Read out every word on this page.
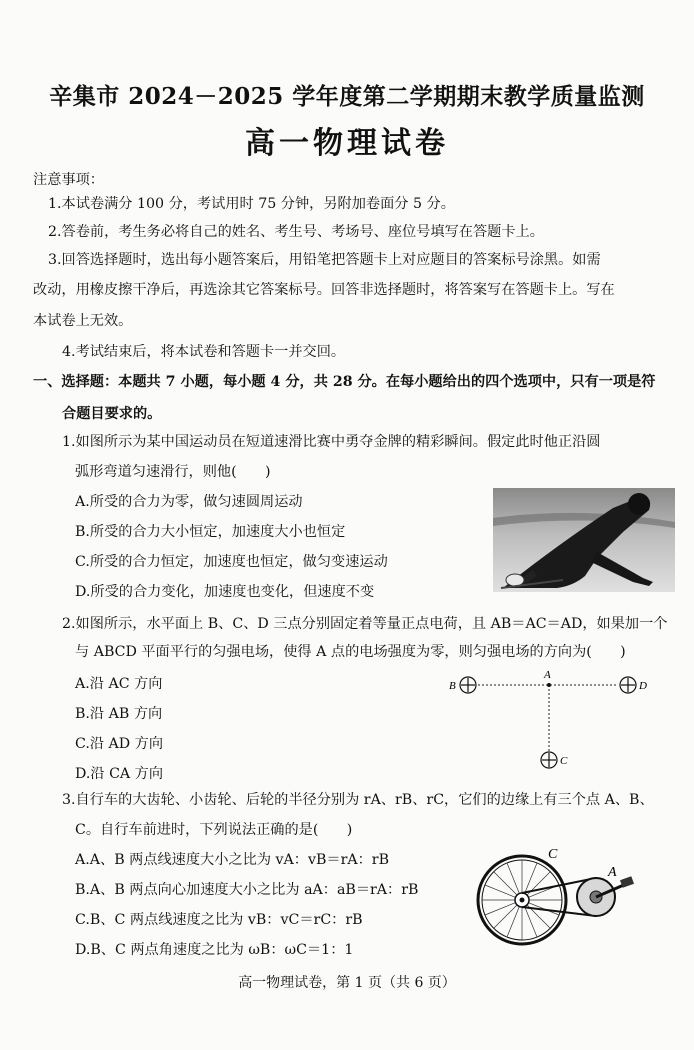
辛集市 2024－2025 学年度第二学期期末教学质量监测
高一物理试卷
注意事项：
1.本试卷满分 100 分，考试用时 75 分钟，另附加卷面分 5 分。
2.答卷前，考生务必将自己的姓名、考生号、考场号、座位号填写在答题卡上。
3.回答选择题时，选出每小题答案后，用铅笔把答题卡上对应题目的答案标号涂黑。如需
改动，用橡皮擦干净后，再选涂其它答案标号。回答非选择题时，将答案写在答题卡上。写在
本试卷上无效。
4.考试结束后，将本试卷和答题卡一并交回。
一、选择题：本题共 7 小题，每小题 4 分，共 28 分。在每小题给出的四个选项中，只有一项是符
合题目要求的。
1.如图所示为某中国运动员在短道速滑比赛中勇夺金牌的精彩瞬间。假定此时他正沿圆
弧形弯道匀速滑行，则他(　　)
A.所受的合力为零，做匀速圆周运动
B.所受的合力大小恒定，加速度大小也恒定
C.所受的合力恒定，加速度也恒定，做匀变速运动
D.所受的合力变化，加速度也变化，但速度不变
2.如图所示，水平面上 B、C、D 三点分别固定着等量正点电荷，且 AB＝AC＝AD，如果加一个
与 ABCD 平面平行的匀强电场，使得 A 点的电场强度为零，则匀强电场的方向为(　　)
A.沿 AC 方向
B.沿 AB 方向
C.沿 AD 方向
D.沿 CA 方向
A
B	D
C
3.自行车的大齿轮、小齿轮、后轮的半径分别为 rA、rB、rC，它们的边缘上有三个点 A、B、
C。自行车前进时，下列说法正确的是(　　)
A.A、B 两点线速度大小之比为 vA：vB＝rA：rB
B.A、B 两点向心加速度大小之比为 aA：aB＝rA：rB
C.B、C 两点线速度之比为 vB：vC＝rC：rB
D.B、C 两点角速度之比为 ωB：ωC＝1：1
C
A
高一物理试卷，第 1 页（共 6 页）
